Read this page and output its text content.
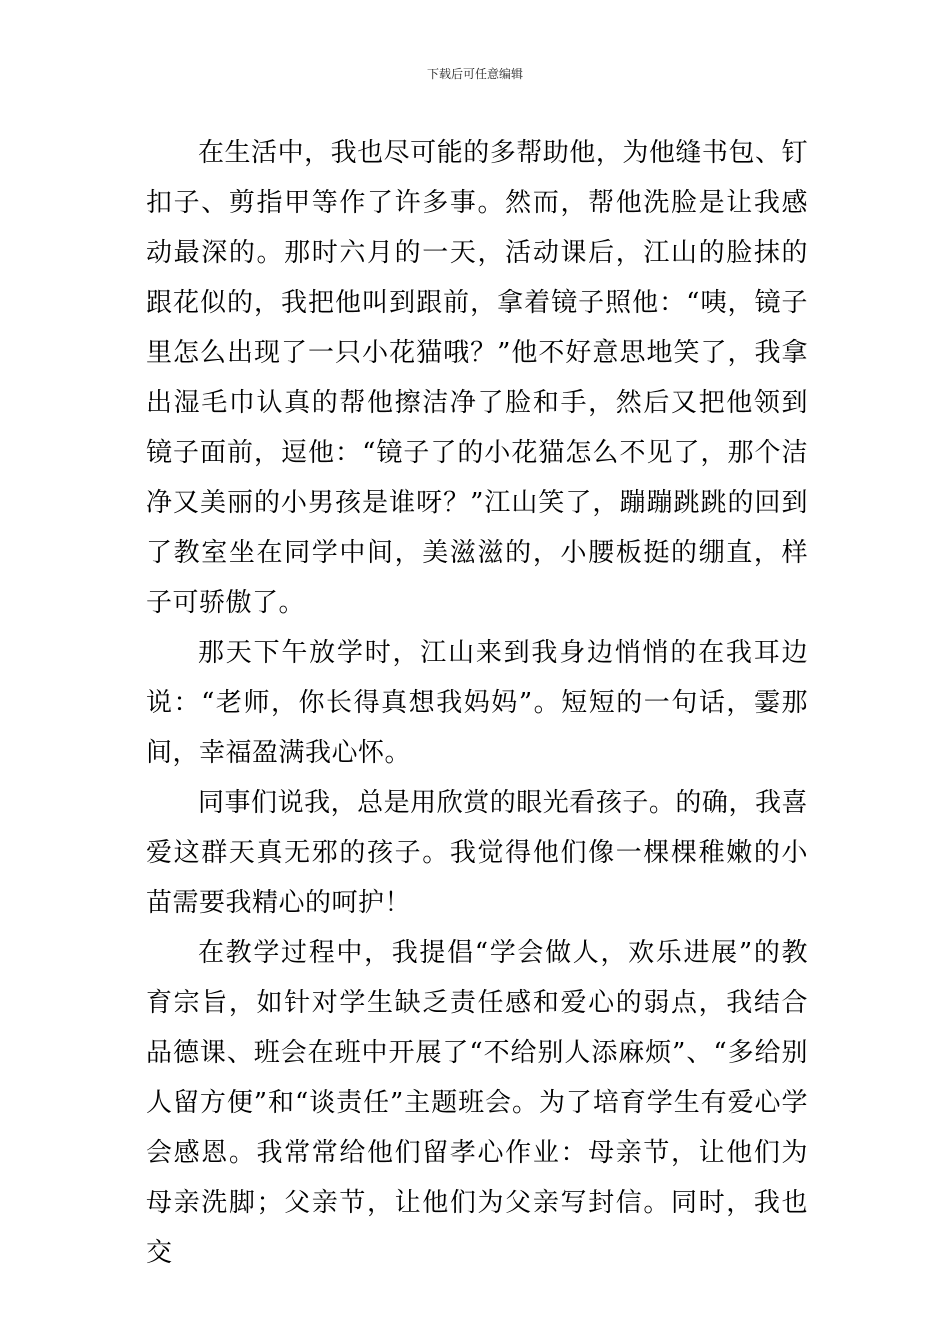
下载后可任意编辑

在生活中，我也尽可能的多帮助他，为他缝书包、钉扣子、剪指甲等作了许多事。然而，帮他洗脸是让我感动最深的。那时六月的一天，活动课后，江山的脸抹的跟花似的，我把他叫到跟前，拿着镜子照他：“咦，镜子里怎么出现了一只小花猫哦？”他不好意思地笑了，我拿出湿毛巾认真的帮他擦洁净了脸和手，然后又把他领到镜子面前，逗他：“镜子了的小花猫怎么不见了，那个洁净又美丽的小男孩是谁呀？”江山笑了，蹦蹦跳跳的回到了教室坐在同学中间，美滋滋的，小腰板挺的绷直，样子可骄傲了。

那天下午放学时，江山来到我身边悄悄的在我耳边说：“老师，你长得真想我妈妈”。短短的一句话，霎那间，幸福盈满我心怀。

同事们说我，总是用欣赏的眼光看孩子。的确，我喜爱这群天真无邪的孩子。我觉得他们像一棵棵稚嫩的小苗需要我精心的呵护！

在教学过程中，我提倡“学会做人，欢乐进展”的教育宗旨，如针对学生缺乏责任感和爱心的弱点，我结合品德课、班会在班中开展了“不给别人添麻烦”、“多给别人留方便”和“谈责任”主题班会。为了培育学生有爱心学会感恩。我常常给他们留孝心作业：母亲节，让他们为母亲洗脚；父亲节，让他们为父亲写封信。同时，我也交
